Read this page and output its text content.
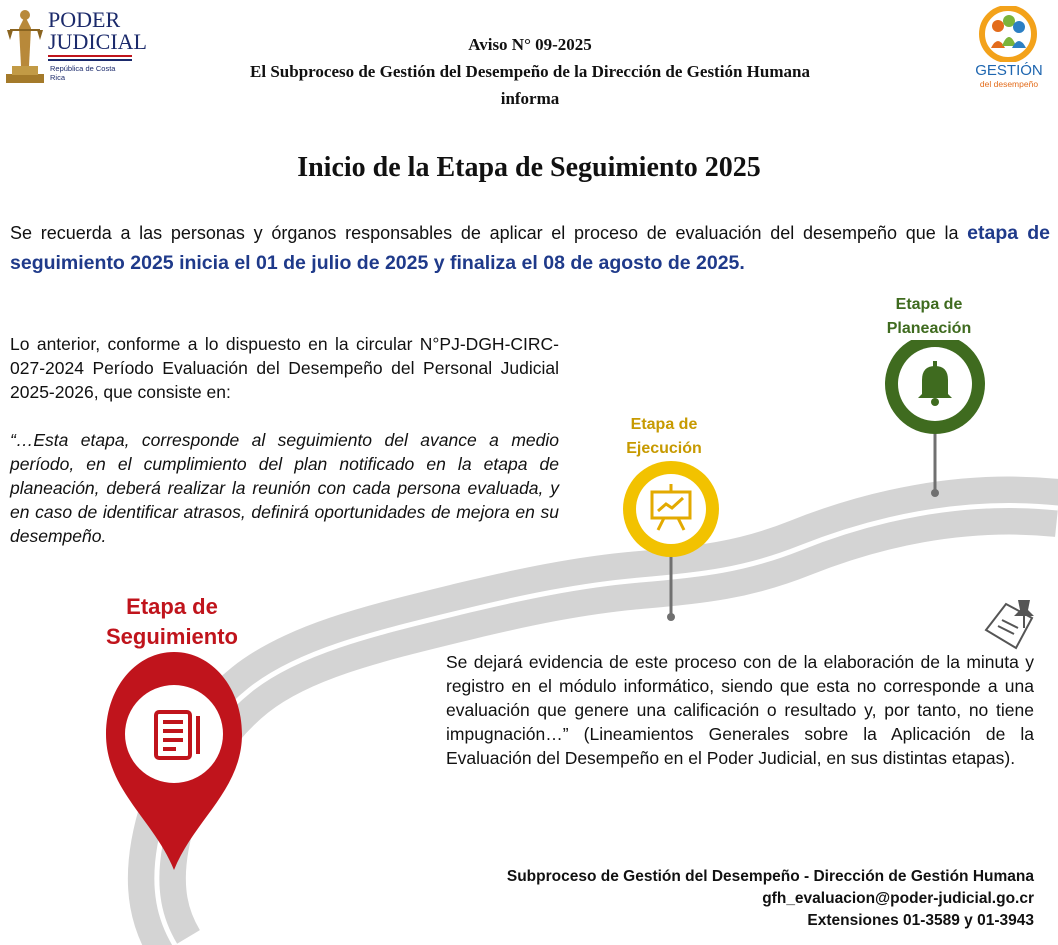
PODER
JUDICIAL
República de Costa Rica	GESTIÓN
del desempeño
Aviso N° 09-2025
El Subproceso de Gestión del Desempeño de la Dirección de Gestión Humana
informa
Inicio de la Etapa de Seguimiento 2025
Se recuerda a las personas y órganos responsables de aplicar el proceso de evaluación del desempeño que la etapa de seguimiento 2025 inicia el 01 de julio de 2025 y finaliza el 08 de agosto de 2025.
Lo anterior, conforme a lo dispuesto en la circular N°PJ-DGH-CIRC-027-2024 Período Evaluación del Desempeño del Personal Judicial 2025-2026, que consiste en:
“…Esta etapa, corresponde al seguimiento del avance a medio período, en el cumplimiento del plan notificado en la etapa de planeación, deberá realizar la reunión con cada persona evaluada, y en caso de identificar atrasos, definirá oportunidades de mejora en su desempeño.
Etapa de
Planeación
Etapa de
Ejecución
Etapa de
Seguimiento
Se dejará evidencia de este proceso con de la elaboración de la minuta y registro en el módulo informático, siendo que esta no corresponde a una evaluación que genere una calificación o resultado y, por tanto, no tiene impugnación…” (Lineamientos Generales sobre la Aplicación de la Evaluación del Desempeño en el Poder Judicial, en sus distintas etapas).
Subproceso de Gestión del Desempeño - Dirección de Gestión Humana
gfh_evaluacion@poder-judicial.go.cr
Extensiones 01-3589 y 01-3943
